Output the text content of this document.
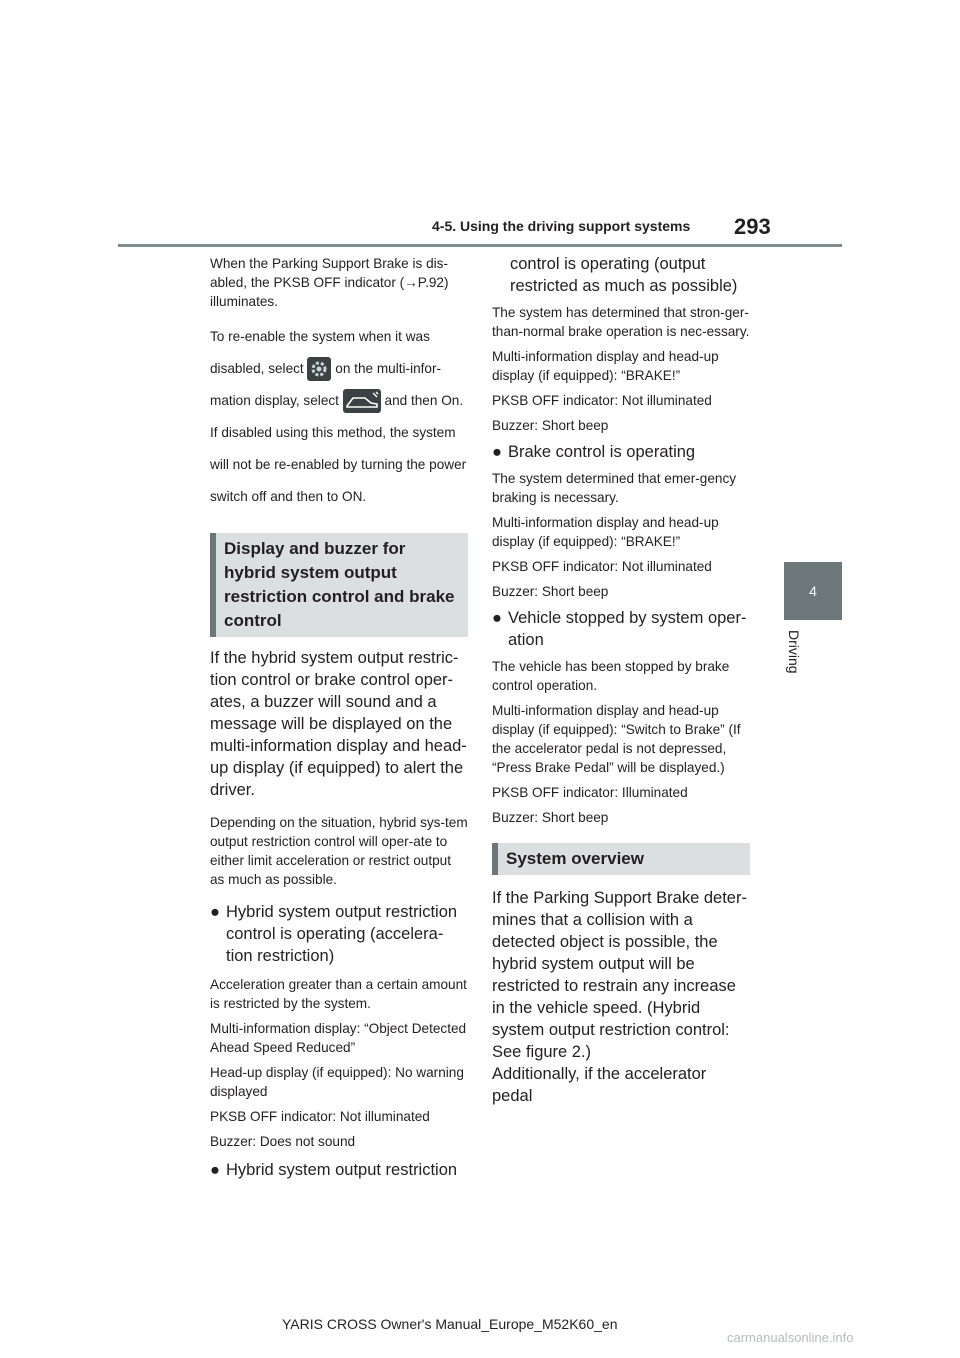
4-5. Using the driving support systems 293
4
Driving

When the Parking Support Brake is dis-abled, the PKSB OFF indicator (→P.92) illuminates.

To re-enable the system when it was disabled, select on the multi-infor-mation display, select	and then On. If disabled using this method, the system will not be re-enabled by turning the power switch off and then to ON.

Display and buzzer for hybrid system output restriction control and brake control

If the hybrid system output restric-tion control or brake control oper-ates, a buzzer will sound and a message will be displayed on the multi-information display and head-up display (if equipped) to alert the driver.

Depending on the situation, hybrid sys-tem output restriction control will oper-ate to either limit acceleration or restrict output as much as possible.

● Hybrid system output restriction control is operating (accelera-tion restriction)

Acceleration greater than a certain amount is restricted by the system.

Multi-information display: “Object Detected Ahead Speed Reduced”

Head-up display (if equipped): No warning displayed

PKSB OFF indicator: Not illuminated

Buzzer: Does not sound

● Hybrid system output restriction

control is operating (output restricted as much as possible)

The system has determined that stron-ger-than-normal brake operation is nec-essary.

Multi-information display and head-up display (if equipped): “BRAKE!”

PKSB OFF indicator: Not illuminated

Buzzer: Short beep

● Brake control is operating

The system determined that emer-gency braking is necessary.

Multi-information display and head-up display (if equipped): “BRAKE!”

PKSB OFF indicator: Not illuminated

Buzzer: Short beep

● Vehicle stopped by system oper-ation

The vehicle has been stopped by brake control operation.

Multi-information display and head-up display (if equipped): “Switch to Brake” (If the accelerator pedal is not depressed, “Press Brake Pedal” will be displayed.)

PKSB OFF indicator: Illuminated

Buzzer: Short beep

System overview

If the Parking Support Brake deter-mines that a collision with a detected object is possible, the hybrid system output will be restricted to restrain any increase in the vehicle speed. (Hybrid system output restriction control: See figure 2.)

Additionally, if the accelerator pedal

YARIS CROSS Owner's Manual_Europe_M52K60_en
carmanualsonline.info
